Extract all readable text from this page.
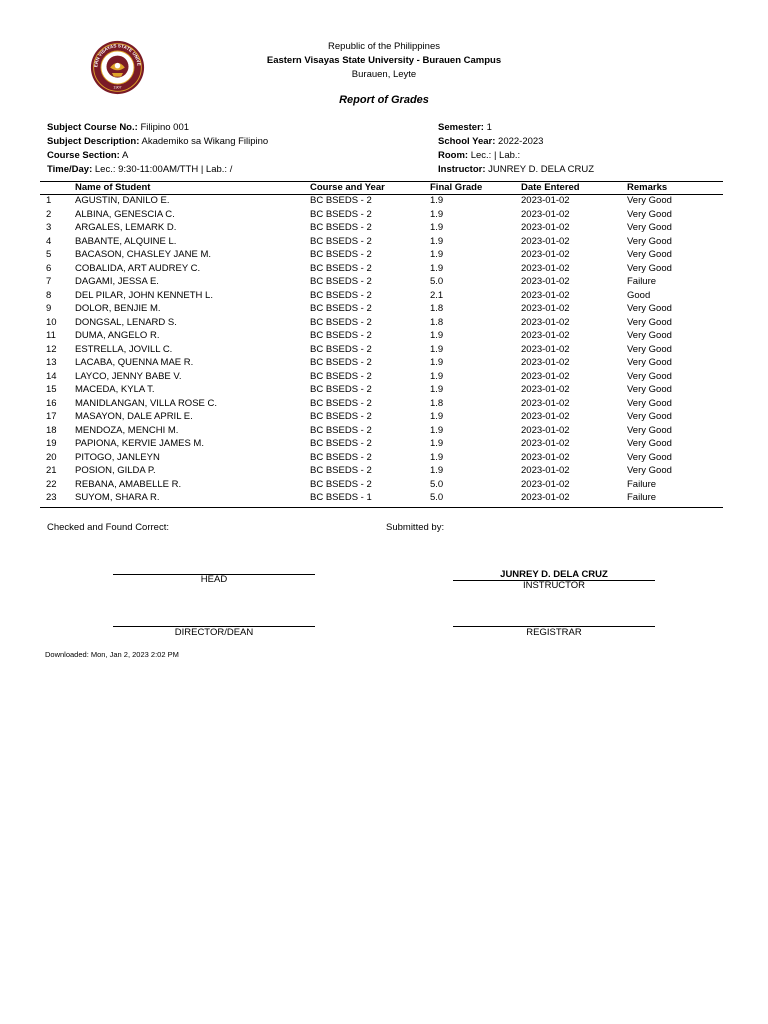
ERN VISAYAS STATE UNIVE
1907
Republic of the Philippines
Eastern Visayas State University - Burauen Campus
Burauen, Leyte
Report of Grades
Subject Course No.: Filipino 001
Subject Description: Akademiko sa Wikang Filipino
Course Section: A
Time/Day: Lec.: 9:30-11:00AM/TTH | Lab.: /
Semester: 1
School Year: 2022-2023
Room: Lec.: | Lab.:
Instructor: JUNREY D. DELA CRUZ
	Name of Student	Course and Year	Final Grade	Date Entered	Remarks
1	AGUSTIN, DANILO E.	BC BSEDS - 2	1.9	2023-01-02	Very Good
2	ALBINA, GENESCIA C.	BC BSEDS - 2	1.9	2023-01-02	Very Good
3	ARGALES, LEMARK D.	BC BSEDS - 2	1.9	2023-01-02	Very Good
4	BABANTE, ALQUINE L.	BC BSEDS - 2	1.9	2023-01-02	Very Good
5	BACASON, CHASLEY JANE M.	BC BSEDS - 2	1.9	2023-01-02	Very Good
6	COBALIDA, ART AUDREY C.	BC BSEDS - 2	1.9	2023-01-02	Very Good
7	DAGAMI, JESSA E.	BC BSEDS - 2	5.0	2023-01-02	Failure
8	DEL PILAR, JOHN KENNETH L.	BC BSEDS - 2	2.1	2023-01-02	Good
9	DOLOR, BENJIE M.	BC BSEDS - 2	1.8	2023-01-02	Very Good
10	DONGSAL, LENARD S.	BC BSEDS - 2	1.8	2023-01-02	Very Good
11	DUMA, ANGELO R.	BC BSEDS - 2	1.9	2023-01-02	Very Good
12	ESTRELLA, JOVILL C.	BC BSEDS - 2	1.9	2023-01-02	Very Good
13	LACABA, QUENNA MAE R.	BC BSEDS - 2	1.9	2023-01-02	Very Good
14	LAYCO, JENNY BABE V.	BC BSEDS - 2	1.9	2023-01-02	Very Good
15	MACEDA, KYLA T.	BC BSEDS - 2	1.9	2023-01-02	Very Good
16	MANIDLANGAN, VILLA ROSE C.	BC BSEDS - 2	1.8	2023-01-02	Very Good
17	MASAYON, DALE APRIL E.	BC BSEDS - 2	1.9	2023-01-02	Very Good
18	MENDOZA, MENCHI M.	BC BSEDS - 2	1.9	2023-01-02	Very Good
19	PAPIONA, KERVIE JAMES M.	BC BSEDS - 2	1.9	2023-01-02	Very Good
20	PITOGO, JANLEYN	BC BSEDS - 2	1.9	2023-01-02	Very Good
21	POSION, GILDA P.	BC BSEDS - 2	1.9	2023-01-02	Very Good
22	REBANA, AMABELLE R.	BC BSEDS - 2	5.0	2023-01-02	Failure
23	SUYOM, SHARA R.	BC BSEDS - 1	5.0	2023-01-02	Failure
Checked and Found Correct:	Submitted by:
HEAD	JUNREY D. DELA CRUZ
INSTRUCTOR
DIRECTOR/DEAN	REGISTRAR
Downloaded: Mon, Jan 2, 2023 2:02 PM
